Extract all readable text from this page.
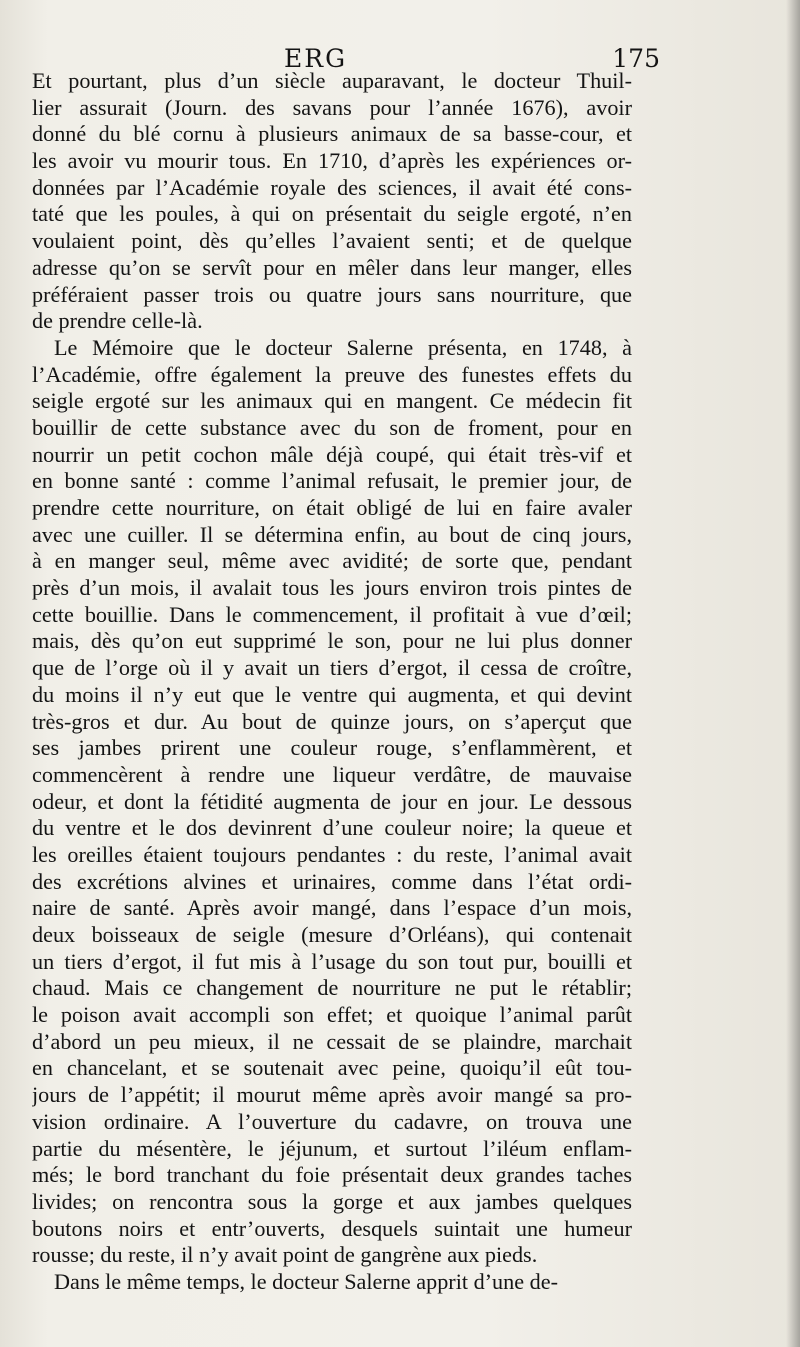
ERG	175
Et pourtant, plus d’un siècle auparavant, le docteur Thuil-
lier assurait (Journ. des savans pour l’année 1676), avoir
donné du blé cornu à plusieurs animaux de sa basse-cour, et
les avoir vu mourir tous. En 1710, d’après les expériences or-
données par l’Académie royale des sciences, il avait été cons-
taté que les poules, à qui on présentait du seigle ergoté, n’en
voulaient point, dès qu’elles l’avaient senti; et de quelque
adresse qu’on se servît pour en mêler dans leur manger, elles
préféraient passer trois ou quatre jours sans nourriture, que
de prendre celle-là.
Le Mémoire que le docteur Salerne présenta, en 1748, à
l’Académie, offre également la preuve des funestes effets du
seigle ergoté sur les animaux qui en mangent. Ce médecin fit
bouillir de cette substance avec du son de froment, pour en
nourrir un petit cochon mâle déjà coupé, qui était très-vif et
en bonne santé : comme l’animal refusait, le premier jour, de
prendre cette nourriture, on était obligé de lui en faire avaler
avec une cuiller. Il se détermina enfin, au bout de cinq jours,
à en manger seul, même avec avidité; de sorte que, pendant
près d’un mois, il avalait tous les jours environ trois pintes de
cette bouillie. Dans le commencement, il profitait à vue d’œil;
mais, dès qu’on eut supprimé le son, pour ne lui plus donner
que de l’orge où il y avait un tiers d’ergot, il cessa de croître,
du moins il n’y eut que le ventre qui augmenta, et qui devint
très-gros et dur. Au bout de quinze jours, on s’aperçut que
ses jambes prirent une couleur rouge, s’enflammèrent, et
commencèrent à rendre une liqueur verdâtre, de mauvaise
odeur, et dont la fétidité augmenta de jour en jour. Le dessous
du ventre et le dos devinrent d’une couleur noire; la queue et
les oreilles étaient toujours pendantes : du reste, l’animal avait
des excrétions alvines et urinaires, comme dans l’état ordi-
naire de santé. Après avoir mangé, dans l’espace d’un mois,
deux boisseaux de seigle (mesure d’Orléans), qui contenait
un tiers d’ergot, il fut mis à l’usage du son tout pur, bouilli et
chaud. Mais ce changement de nourriture ne put le rétablir;
le poison avait accompli son effet; et quoique l’animal parût
d’abord un peu mieux, il ne cessait de se plaindre, marchait
en chancelant, et se soutenait avec peine, quoiqu’il eût tou-
jours de l’appétit; il mourut même après avoir mangé sa pro-
vision ordinaire. A l’ouverture du cadavre, on trouva une
partie du mésentère, le jéjunum, et surtout l’iléum enflam-
més; le bord tranchant du foie présentait deux grandes taches
livides; on rencontra sous la gorge et aux jambes quelques
boutons noirs et entr’ouverts, desquels suintait une humeur
rousse; du reste, il n’y avait point de gangrène aux pieds.
Dans le même temps, le docteur Salerne apprit d’une de-
